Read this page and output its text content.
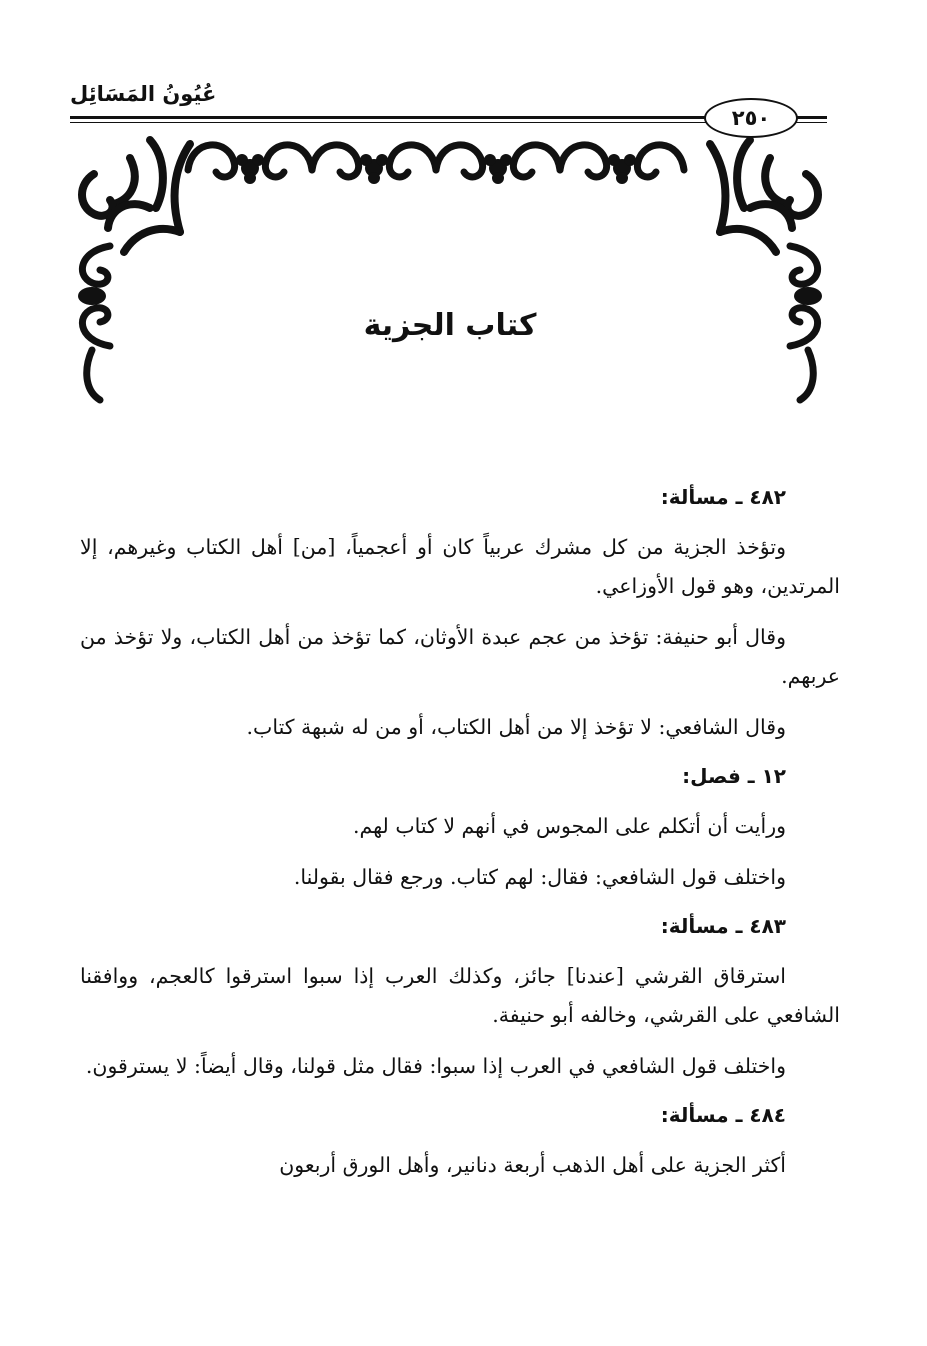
عُيُونُ المَسَائِل
٢٥٠
كتاب الجزية
٤٨٢ ـ مسألة:
وتؤخذ الجزية من كل مشرك عربياً كان أو أعجمياً، [من] أهل الكتاب وغيرهم، إلا المرتدين، وهو قول الأوزاعي.
وقال أبو حنيفة: تؤخذ من عجم عبدة الأوثان، كما تؤخذ من أهل الكتاب، ولا تؤخذ من عربهم.
وقال الشافعي: لا تؤخذ إلا من أهل الكتاب، أو من له شبهة كتاب.
١٢ ـ فصل:
ورأيت أن أتكلم على المجوس في أنهم لا كتاب لهم.
واختلف قول الشافعي: فقال: لهم كتاب. ورجع فقال بقولنا.
٤٨٣ ـ مسألة:
استرقاق القرشي [عندنا] جائز، وكذلك العرب إذا سبوا استرقوا كالعجم، ووافقنا الشافعي على القرشي، وخالفه أبو حنيفة.
واختلف قول الشافعي في العرب إذا سبوا: فقال مثل قولنا، وقال أيضاً: لا يسترقون.
٤٨٤ ـ مسألة:
أكثر الجزية على أهل الذهب أربعة دنانير، وأهل الورق أربعون
